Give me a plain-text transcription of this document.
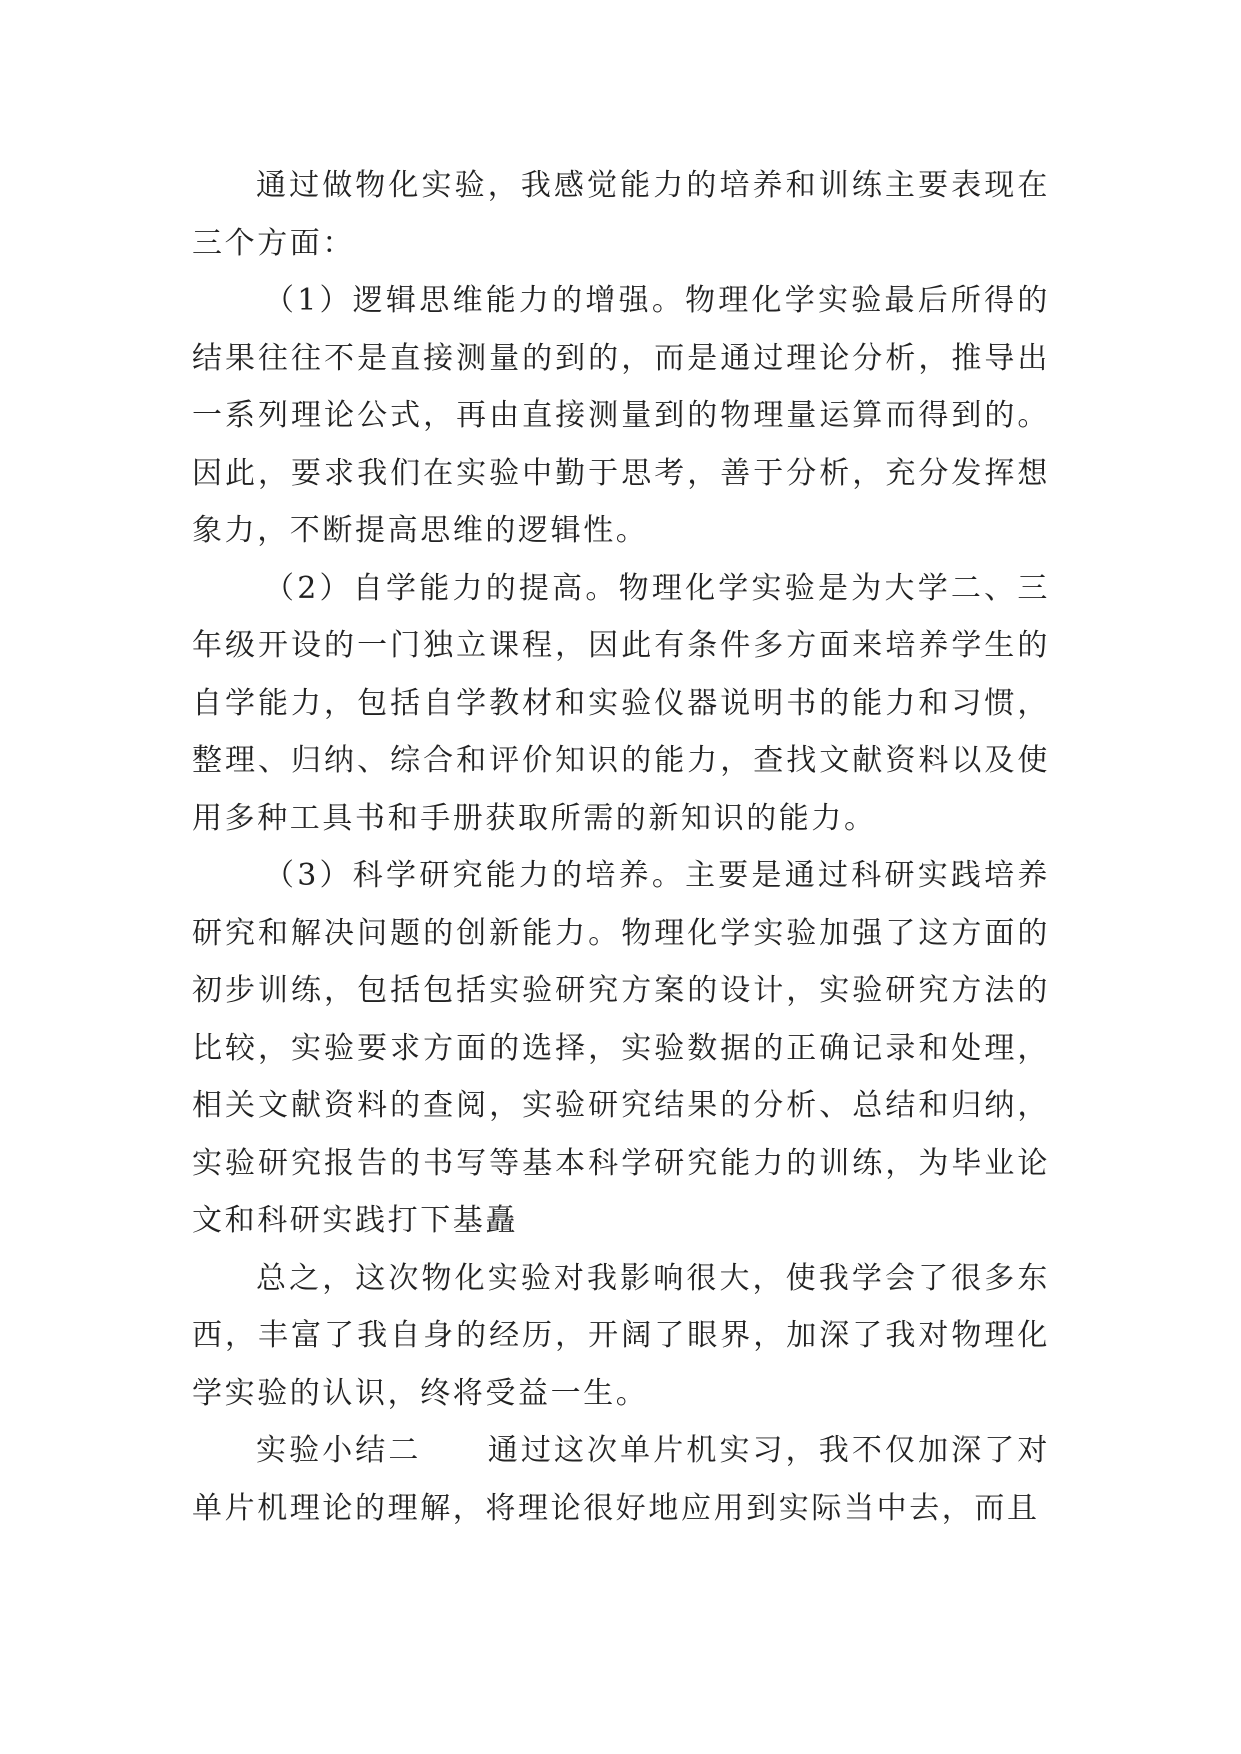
通过做物化实验，我感觉能力的培养和训练主要表现在三个方面：

（1）逻辑思维能力的增强。物理化学实验最后所得的结果往往不是直接测量的到的，而是通过理论分析，推导出一系列理论公式，再由直接测量到的物理量运算而得到的。因此，要求我们在实验中勤于思考，善于分析，充分发挥想象力，不断提高思维的逻辑性。

（2）自学能力的提高。物理化学实验是为大学二、三年级开设的一门独立课程，因此有条件多方面来培养学生的自学能力，包括自学教材和实验仪器说明书的能力和习惯，整理、归纳、综合和评价知识的能力，查找文献资料以及使用多种工具书和手册获取所需的新知识的能力。

（3）科学研究能力的培养。主要是通过科研实践培养研究和解决问题的创新能力。物理化学实验加强了这方面的初步训练，包括包括实验研究方案的设计，实验研究方法的比较，实验要求方面的选择，实验数据的正确记录和处理，相关文献资料的查阅，实验研究结果的分析、总结和归纳，实验研究报告的书写等基本科学研究能力的训练，为毕业论文和科研实践打下基矗

总之，这次物化实验对我影响很大，使我学会了很多东西，丰富了我自身的经历，开阔了眼界，加深了我对物理化学实验的认识，终将受益一生。

实验小结二　　通过这次单片机实习，我不仅加深了对单片机理论的理解，将理论很好地应用到实际当中去，而且
